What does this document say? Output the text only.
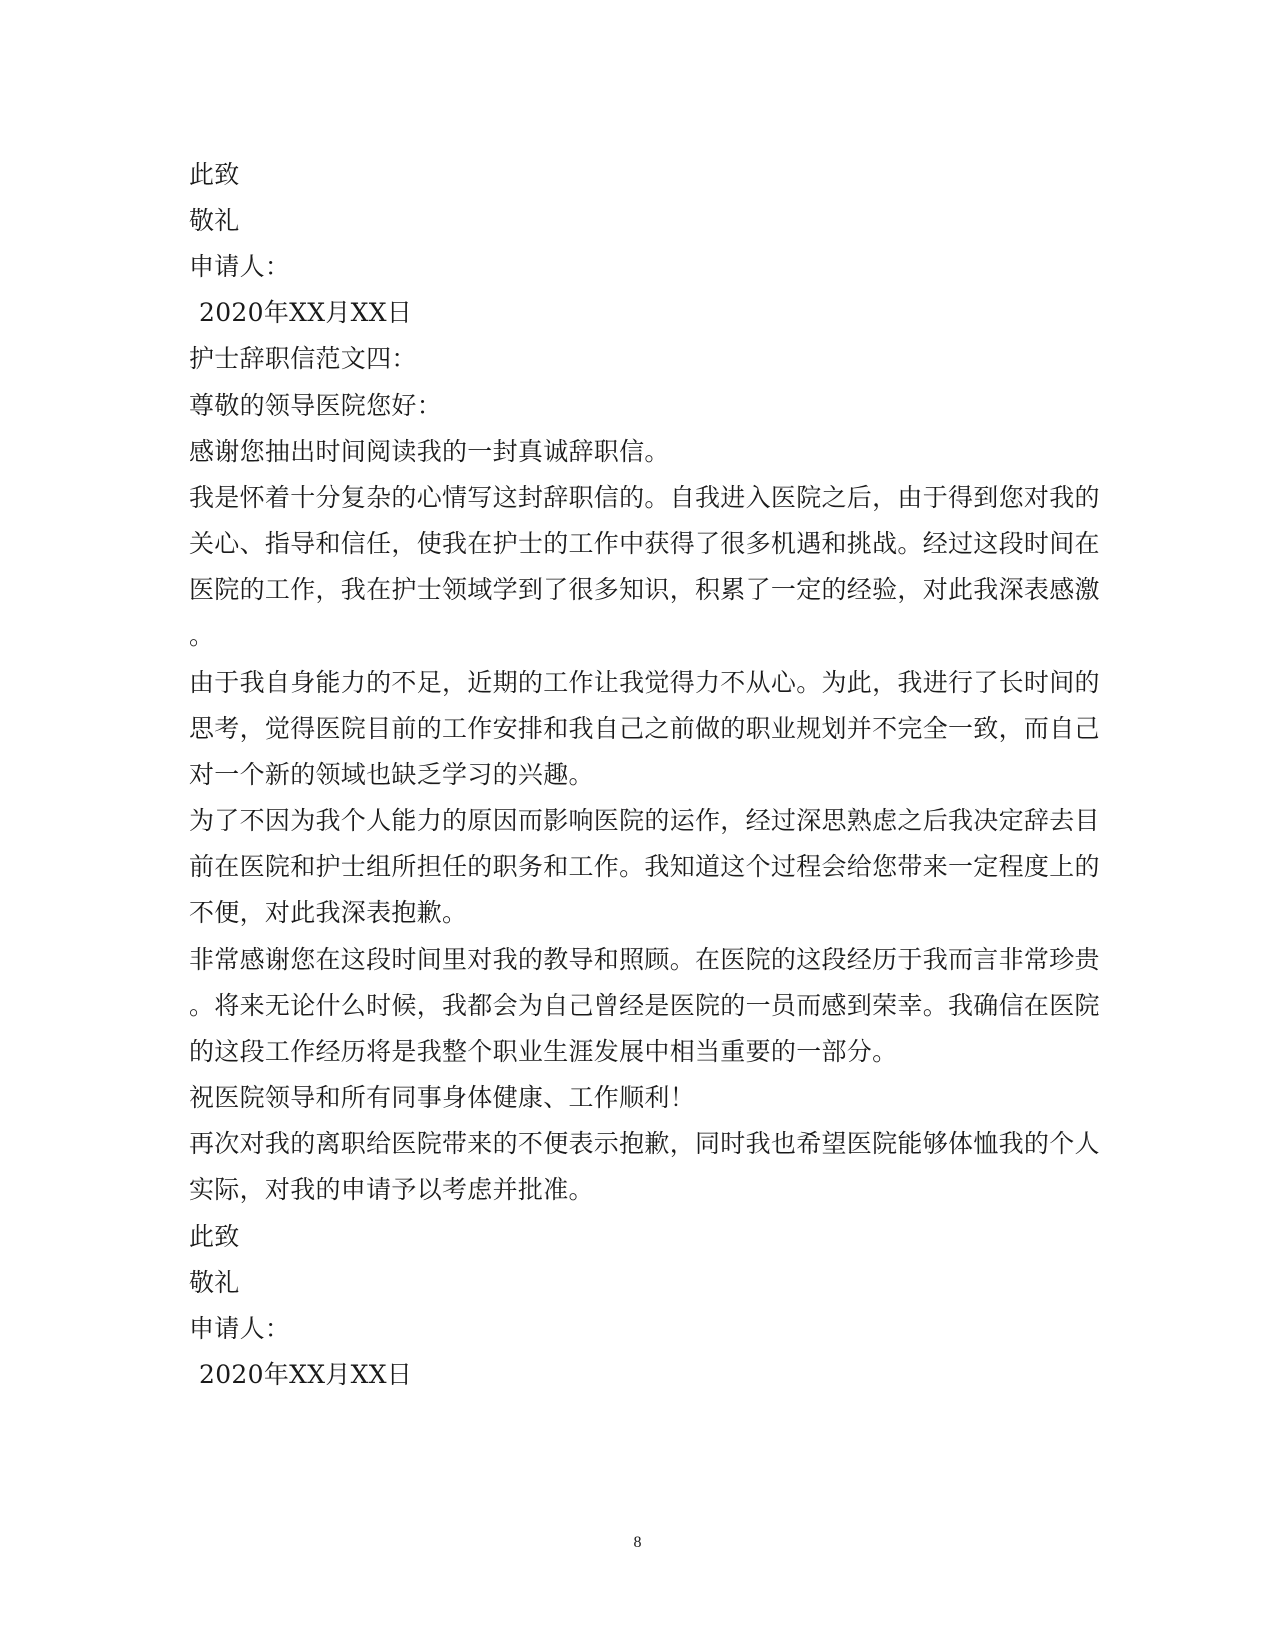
此致
敬礼
申请人：
2020年XX月XX日
护士辞职信范文四：
尊敬的领导医院您好：
感谢您抽出时间阅读我的一封真诚辞职信。
我是怀着十分复杂的心情写这封辞职信的。自我进入医院之后，由于得到您对我的
关心、指导和信任，使我在护士的工作中获得了很多机遇和挑战。经过这段时间在
医院的工作，我在护士领域学到了很多知识，积累了一定的经验，对此我深表感激
。
由于我自身能力的不足，近期的工作让我觉得力不从心。为此，我进行了长时间的
思考，觉得医院目前的工作安排和我自己之前做的职业规划并不完全一致，而自己
对一个新的领域也缺乏学习的兴趣。
为了不因为我个人能力的原因而影响医院的运作，经过深思熟虑之后我决定辞去目
前在医院和护士组所担任的职务和工作。我知道这个过程会给您带来一定程度上的
不便，对此我深表抱歉。
非常感谢您在这段时间里对我的教导和照顾。在医院的这段经历于我而言非常珍贵
。将来无论什么时候，我都会为自己曾经是医院的一员而感到荣幸。我确信在医院
的这段工作经历将是我整个职业生涯发展中相当重要的一部分。
祝医院领导和所有同事身体健康、工作顺利！
再次对我的离职给医院带来的不便表示抱歉，同时我也希望医院能够体恤我的个人
实际，对我的申请予以考虑并批准。
此致
敬礼
申请人：
2020年XX月XX日
8
